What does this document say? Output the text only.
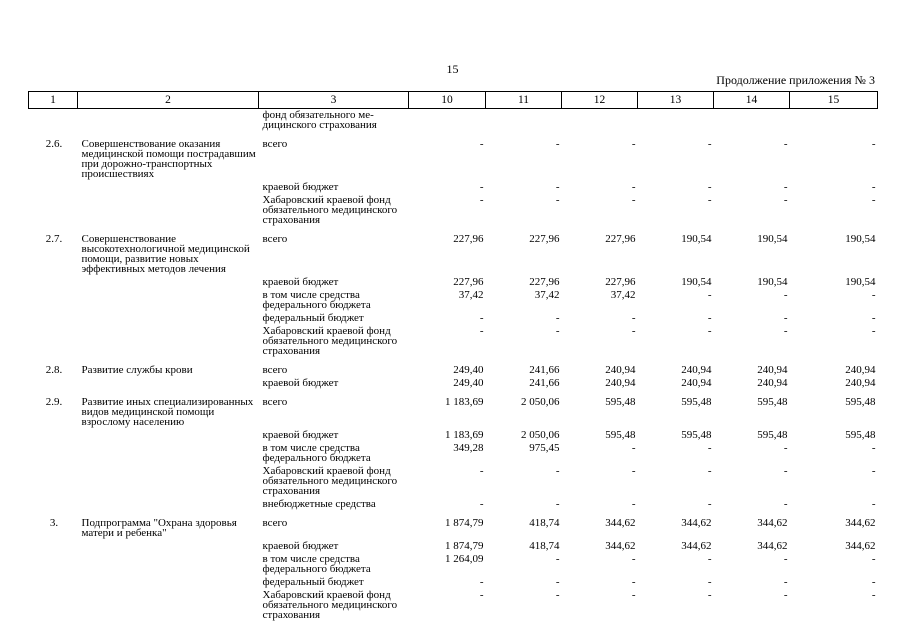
15
Продолжение приложения № 3
1	2	3	10	11	12	13	14	15
		фонд обязательного ме-
дицинского страхования						
2.6.	Совершенствование оказания медицинской помощи пострадавшим при дорожно-транспортных происшествиях	всего	-	-	-	-	-	-
		краевой бюджет	-	-	-	-	-	-
		Хабаровский краевой фонд обязательного медицинского страхования	-	-	-	-	-	-
2.7.	Совершенствование высокотехнологичной медицинской помощи, развитие новых эффективных методов лечения	всего	227,96	227,96	227,96	190,54	190,54	190,54
		краевой бюджет	227,96	227,96	227,96	190,54	190,54	190,54
		в том числе средства федерального бюджета	37,42	37,42	37,42	-	-	-
		федеральный бюджет	-	-	-	-	-	-
		Хабаровский краевой фонд обязательного медицинского страхования	-	-	-	-	-	-
2.8.	Развитие службы крови	всего	249,40	241,66	240,94	240,94	240,94	240,94
		краевой бюджет	249,40	241,66	240,94	240,94	240,94	240,94
2.9.	Развитие иных специализированных видов медицинской помощи взрослому населению	всего	1 183,69	2 050,06	595,48	595,48	595,48	595,48
		краевой бюджет	1 183,69	2 050,06	595,48	595,48	595,48	595,48
		в том числе средства федерального бюджета	349,28	975,45	-	-	-	-
		Хабаровский краевой фонд обязательного медицинского страхования	-	-	-	-	-	-
		внебюджетные средства	-	-	-	-	-	-
3.	Подпрограмма "Охрана здоровья матери и ребенка"	всего	1 874,79	418,74	344,62	344,62	344,62	344,62
		краевой бюджет	1 874,79	418,74	344,62	344,62	344,62	344,62
		в том числе средства федерального бюджета	1 264,09	-	-	-	-	-
		федеральный бюджет	-	-	-	-	-	-
		Хабаровский краевой фонд обязательного медицинского страхования	-	-	-	-	-	-
